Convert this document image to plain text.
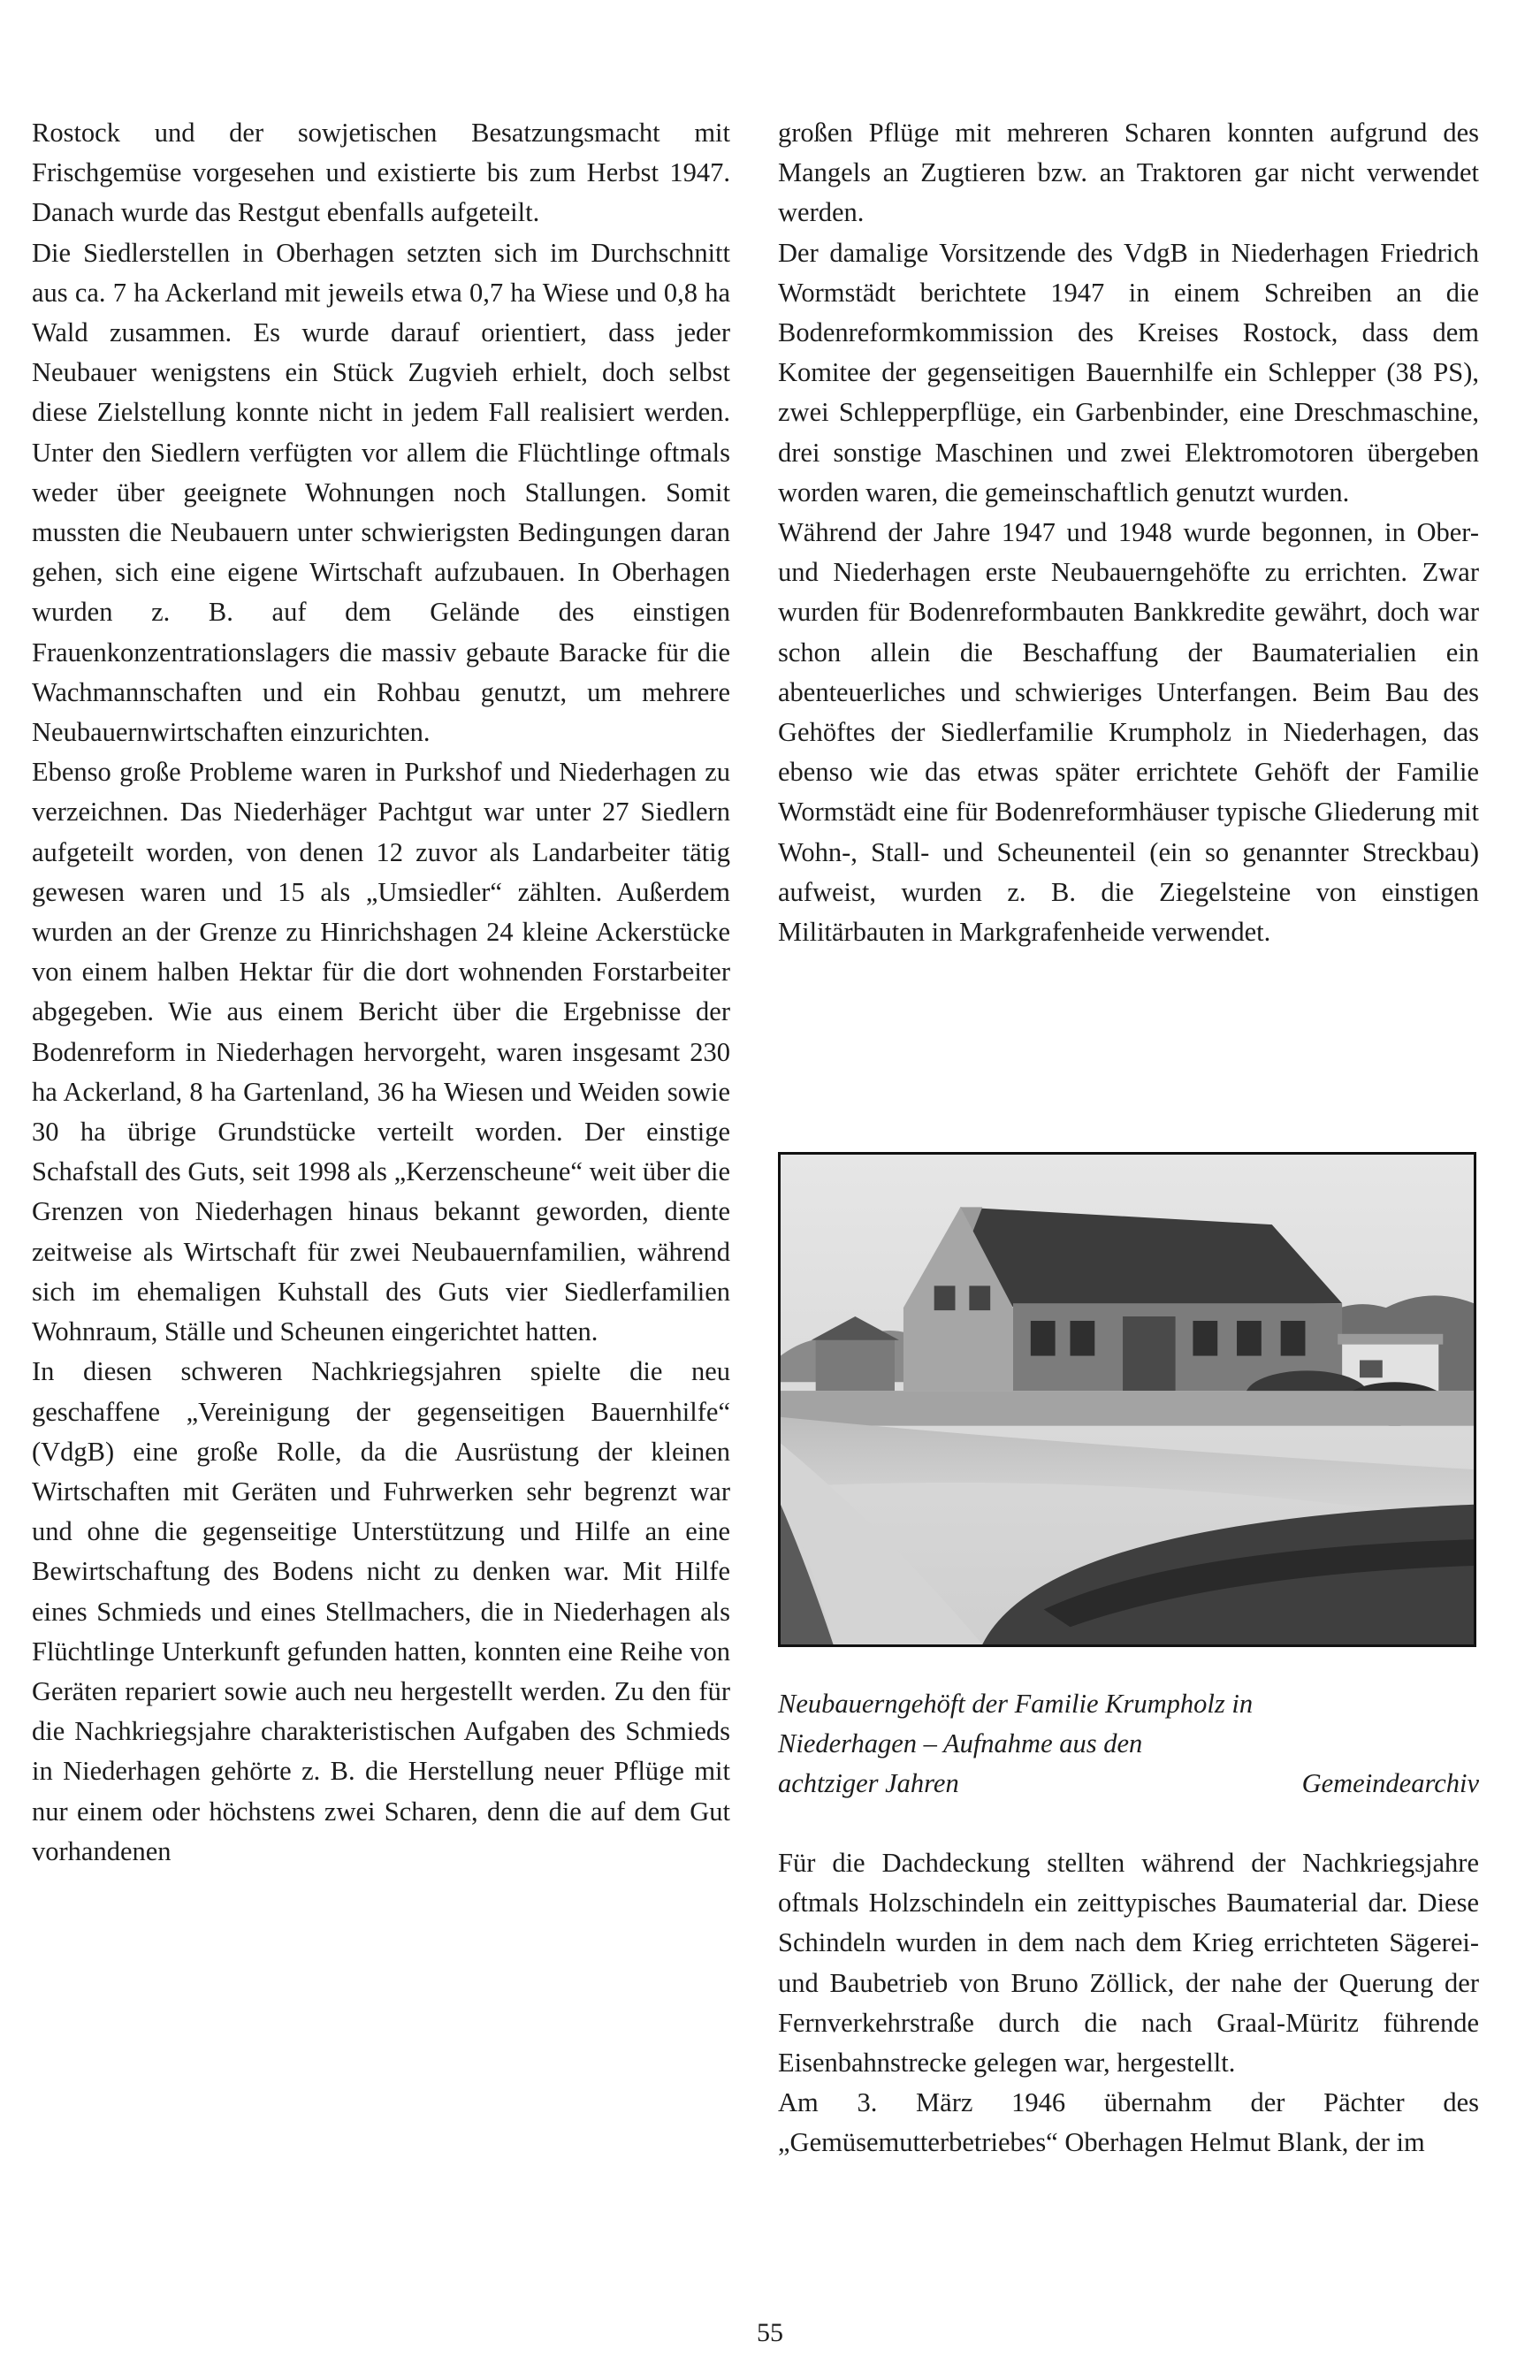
Rostock und der sowjetischen Besatzungsmacht mit Frischgemüse vorgesehen und existierte bis zum Herbst 1947. Danach wurde das Restgut ebenfalls aufgeteilt.

Die Siedlerstellen in Oberhagen setzten sich im Durchschnitt aus ca. 7 ha Ackerland mit jeweils etwa 0,7 ha Wiese und 0,8 ha Wald zusammen. Es wurde darauf orientiert, dass jeder Neubauer wenigstens ein Stück Zugvieh erhielt, doch selbst diese Zielstellung konnte nicht in jedem Fall realisiert werden. Unter den Siedlern verfügten vor allem die Flüchtlinge oftmals weder über geeignete Wohnungen noch Stallungen. Somit mussten die Neubauern unter schwierigsten Bedingungen daran gehen, sich eine eigene Wirtschaft aufzubauen. In Oberhagen wurden z. B. auf dem Gelände des einstigen Frauenkonzentrationslagers die massiv gebaute Baracke für die Wachmannschaften und ein Rohbau genutzt, um mehrere Neubauernwirtschaften einzurichten.

Ebenso große Probleme waren in Purkshof und Niederhagen zu verzeichnen. Das Niederhäger Pachtgut war unter 27 Siedlern aufgeteilt worden, von denen 12 zuvor als Landarbeiter tätig gewesen waren und 15 als „Umsiedler“ zählten. Außerdem wurden an der Grenze zu Hinrichshagen 24 kleine Ackerstücke von einem halben Hektar für die dort wohnenden Forstarbeiter abgegeben. Wie aus einem Bericht über die Ergebnisse der Bodenreform in Niederhagen hervorgeht, waren insgesamt 230 ha Ackerland, 8 ha Gartenland, 36 ha Wiesen und Weiden sowie 30 ha übrige Grundstücke verteilt worden. Der einstige Schafstall des Guts, seit 1998 als „Kerzenscheune“ weit über die Grenzen von Niederhagen hinaus bekannt geworden, diente zeitweise als Wirtschaft für zwei Neubauernfamilien, während sich im ehemaligen Kuhstall des Guts vier Siedlerfamilien Wohnraum, Ställe und Scheunen eingerichtet hatten.

In diesen schweren Nachkriegsjahren spielte die neu geschaffene „Vereinigung der gegenseitigen Bauernhilfe“ (VdgB) eine große Rolle, da die Ausrüstung der kleinen Wirtschaften mit Geräten und Fuhrwerken sehr begrenzt war und ohne die gegenseitige Unterstützung und Hilfe an eine Bewirtschaftung des Bodens nicht zu denken war. Mit Hilfe eines Schmieds und eines Stellmachers, die in Niederhagen als Flüchtlinge Unterkunft gefunden hatten, konnten eine Reihe von Geräten repariert sowie auch neu hergestellt werden. Zu den für die Nachkriegsjahre charakteristischen Aufgaben des Schmieds in Niederhagen gehörte z. B. die Herstellung neuer Pflüge mit nur einem oder höchstens zwei Scharen, denn die auf dem Gut vorhandenen

großen Pflüge mit mehreren Scharen konnten aufgrund des Mangels an Zugtieren bzw. an Traktoren gar nicht verwendet werden.

Der damalige Vorsitzende des VdgB in Niederhagen Friedrich Wormstädt berichtete 1947 in einem Schreiben an die Bodenreformkommission des Kreises Rostock, dass dem Komitee der gegenseitigen Bauernhilfe ein Schlepper (38 PS), zwei Schlepperpflüge, ein Garbenbinder, eine Dreschmaschine, drei sonstige Maschinen und zwei Elektromotoren übergeben worden waren, die gemeinschaftlich genutzt wurden.

Während der Jahre 1947 und 1948 wurde begonnen, in Ober- und Niederhagen erste Neubauerngehöfte zu errichten. Zwar wurden für Bodenreformbauten Bankkredite gewährt, doch war schon allein die Beschaffung der Baumaterialien ein abenteuerliches und schwieriges Unterfangen. Beim Bau des Gehöftes der Siedlerfamilie Krumpholz in Niederhagen, das ebenso wie das etwas später errichtete Gehöft der Familie Wormstädt eine für Bodenreformhäuser typische Gliederung mit Wohn-, Stall- und Scheunenteil (ein so genannter Streckbau) aufweist, wurden z. B. die Ziegelsteine von einstigen Militärbauten in Markgrafenheide verwendet.

Neubauerngehöft der Familie Krumpholz in
Niederhagen – Aufnahme aus den
achtziger Jahren	Gemeindearchiv

Für die Dachdeckung stellten während der Nachkriegsjahre oftmals Holzschindeln ein zeittypisches Baumaterial dar. Diese Schindeln wurden in dem nach dem Krieg errichteten Sägerei- und Baubetrieb von Bruno Zöllick, der nahe der Querung der Fernverkehrstraße durch die nach Graal-Müritz führende Eisenbahnstrecke gelegen war, hergestellt.

Am 3. März 1946 übernahm der Pächter des „Gemüsemutterbetriebes“ Oberhagen Helmut Blank, der im

55
